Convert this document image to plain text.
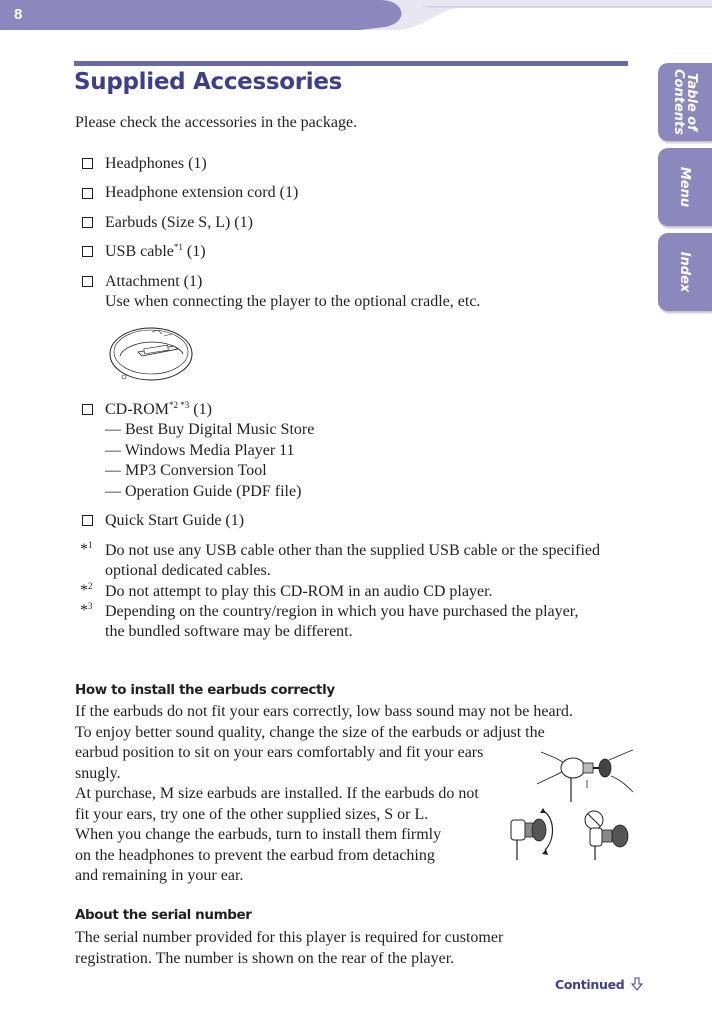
8
Table of
Contents
Menu
Index
Supplied Accessories
Please check the accessories in the package.
Headphones (1)
Headphone extension cord (1)
Earbuds (Size S, L) (1)
USB cable$^{*1}$ (1)
Attachment (1)
Use when connecting the player to the optional cradle, etc.
$CD-ROM^{*2 *3}$ (1)
— Best Buy Digital Music Store
— Windows Media Player 11
— MP3 Conversion Tool
— Operation Guide (PDF file)
Quick Start Guide (1)
*$^1$ Do not use any USB cable other than the supplied USB cable or the specified
optional dedicated cables.
*$^2$ Do not attempt to play this CD-ROM in an audio CD player.
*$^3$ Depending on the country/region in which you have purchased the player,
the bundled software may be different.
How to install the earbuds correctly
If the earbuds do not fit your ears correctly, low bass sound may not be heard.
To enjoy better sound quality, change the size of the earbuds or adjust the
earbud position to sit on your ears comfortably and fit your ears
snugly.
At purchase, M size earbuds are installed. If the earbuds do not
fit your ears, try one of the other supplied sizes, S or L.
When you change the earbuds, turn to install them firmly
on the headphones to prevent the earbud from detaching
and remaining in your ear.
About the serial number
The serial number provided for this player is required for customer
registration. The number is shown on the rear of the player.
Continued
